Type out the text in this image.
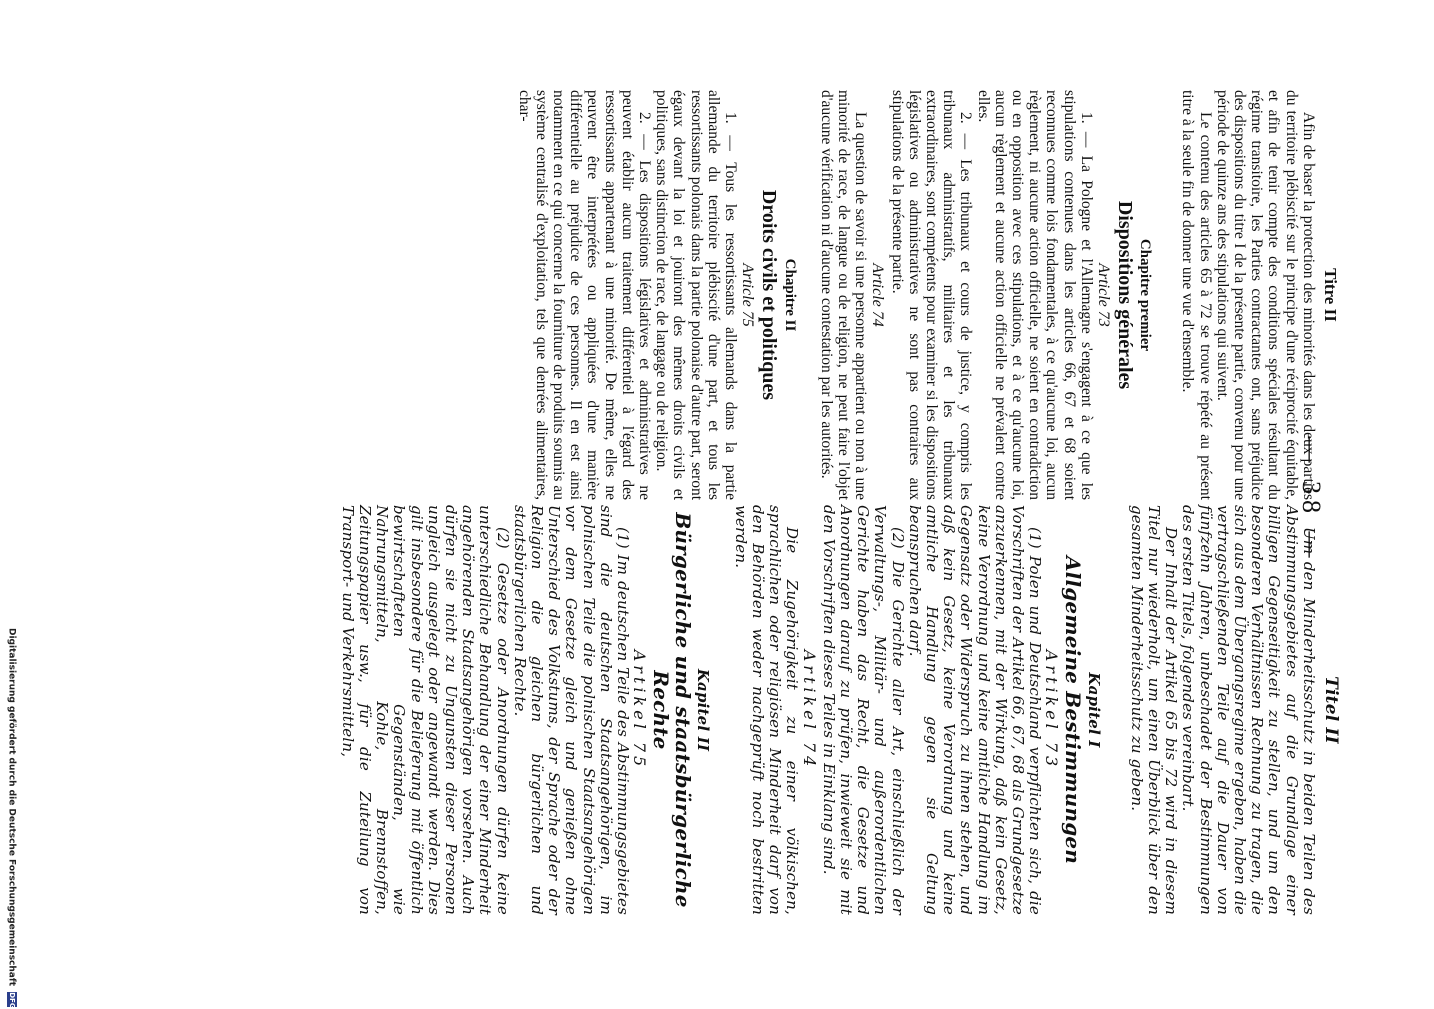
— 38 —
Titre II

Afin de baser la protection des minorités dans les deux parties du territoire plébiscité sur le principe d'une réciprocité équitable, et afin de tenir compte des conditions spéciales résultant du régime transitoire, les Parties contractantes ont, sans préjudice des dispositions du titre I de la présente partie, convenu pour une période de quinze ans des stipulations qui suivent.

Le contenu des articles 65 à 72 se trouve répété au présent titre à la seule fin de donner une vue d'ensemble.

Chapitre premier
Dispositions générales
Article 73

1. — La Pologne et l'Allemagne s'engagent à ce que les stipulations contenues dans les articles 66, 67 et 68 soient reconnues comme lois fondamentales, à ce qu'aucune loi, aucun règlement, ni aucune action officielle, ne soient en contradiction ou en opposition avec ces stipulations, et à ce qu'aucune loi, aucun règlement et aucune action officielle ne prévalent contre elles.

2. — Les tribunaux et cours de justice, y compris les tribunaux administratifs, militaires et les tribunaux extraordinaires, sont compétents pour examiner si les dispositions législatives ou administratives ne sont pas contraires aux stipulations de la présente partie.

Article 74

La question de savoir si une personne appartient ou non à une minorité de race, de langue ou de religion, ne peut faire l'objet d'aucune vérification ni d'aucune contestation par les autorités.

Chapitre II
Droits civils et politiques
Article 75

1. — Tous les ressortissants allemands dans la partie allemande du territoire plébiscité d'une part, et tous les ressortissants polonais dans la partie polonaise d'autre part, seront égaux devant la loi et jouiront des mêmes droits civils et politiques, sans distinction de race, de langage ou de religion.

2. — Les dispositions législatives et administratives ne peuvent établir aucun traitement différentiel à l'égard des ressortissants appartenant à une minorité. De même, elles ne peuvent être interprétées ou appliquées d'une manière différentielle au préjudice de ces personnes. Il en est ainsi notamment en ce qui concerne la fourniture de produits soumis au système centralisé d'exploitation, tels que denrées alimentaires, char-

Titel II

Um den Minderheitsschutz in beiden Teilen des Abstimmungsgebietes auf die Grundlage einer billigen Gegenseitigkeit zu stellen, und um den besonderen Verhältnissen Rechnung zu tragen, die sich aus dem Übergangsregime ergeben, haben die vertragschließenden Teile auf die Dauer von fünfzehn Jahren, unbeschadet der Bestimmungen des ersten Titels, folgendes vereinbart.

Der Inhalt der Artikel 65 bis 72 wird in diesem Titel nur wiederholt, um einen Überblick über den gesamten Minderheitsschutz zu geben.

Kapitel I
Allgemeine Bestimmungen
Artikel 73

(1) Polen und Deutschland verpflichten sich, die Vorschriften der Artikel 66, 67, 68 als Grundgesetze anzuerkennen, mit der Wirkung, daß kein Gesetz, keine Verordnung und keine amtliche Handlung im Gegensatz oder Widerspruch zu ihnen stehen, und daß kein Gesetz, keine Verordnung und keine amtliche Handlung gegen sie Geltung beanspruchen darf.

(2) Die Gerichte aller Art, einschließlich der Verwaltungs-, Militär- und außerordentlichen Gerichte haben das Recht, die Gesetze und Anordnungen darauf zu prüfen, inwieweit sie mit den Vorschriften dieses Teiles in Einklang sind.

Artikel 74

Die Zugehörigkeit zu einer völkischen, sprachlichen oder religiösen Minderheit darf von den Behörden weder nachgeprüft noch bestritten werden.

Kapitel II
Bürgerliche und staatsbürgerliche Rechte
Artikel 75

(1) Im deutschen Teile des Abstimmungsgebietes sind die deutschen Staatsangehörigen, im polnischen Teile die polnischen Staatsangehörigen vor dem Gesetze gleich und genießen ohne Unterschied des Volkstums, der Sprache oder der Religion die gleichen bürgerlichen und staatsbürgerlichen Rechte.

(2) Gesetze oder Anordnungen dürfen keine unterschiedliche Behandlung der einer Minderheit angehörenden Staatsangehörigen vorsehen. Auch dürfen sie nicht zu Ungunsten dieser Personen ungleich ausgelegt oder angewandt werden. Dies gilt insbesondere für die Belieferung mit öffentlich bewirtschafteten Gegenständen, wie Nahrungsmitteln, Kohle, Brennstoffen, Zeitungspapier usw., für die Zuteilung von Transport- und Verkehrsmitteln,

Digitalisierung gefördert durch die Deutsche Forschungsgemeinschaft DFG
